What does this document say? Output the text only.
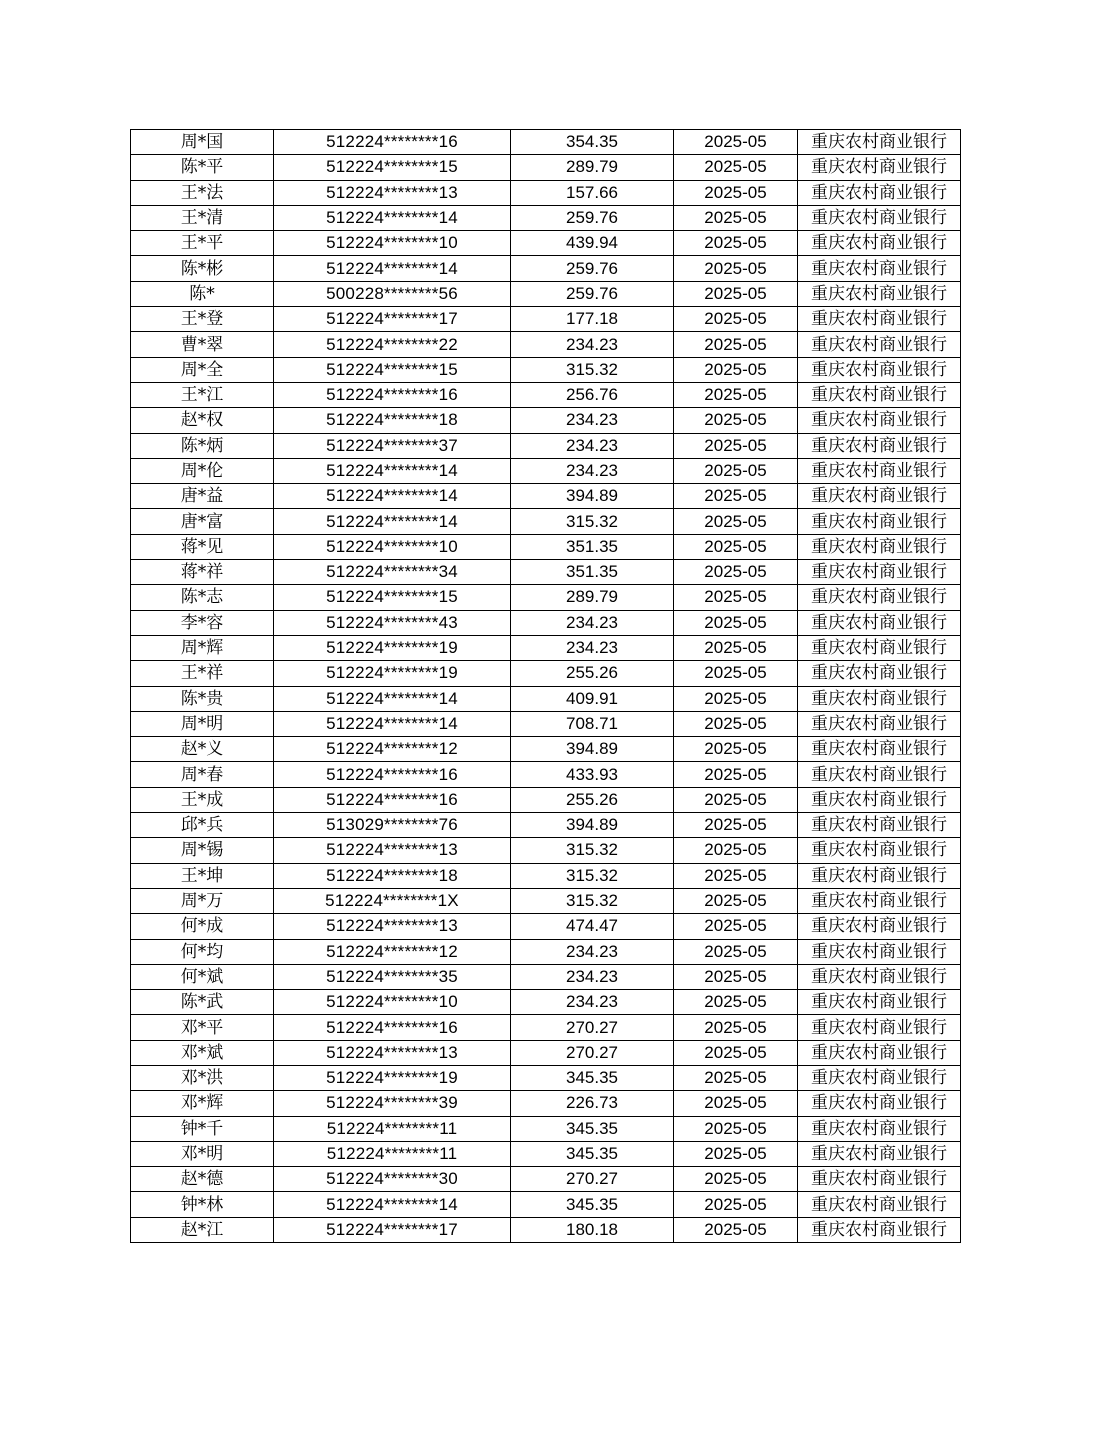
周*国	512224********16	354.35	2025-05	重庆农村商业银行
陈*平	512224********15	289.79	2025-05	重庆农村商业银行
王*法	512224********13	157.66	2025-05	重庆农村商业银行
王*清	512224********14	259.76	2025-05	重庆农村商业银行
王*平	512224********10	439.94	2025-05	重庆农村商业银行
陈*彬	512224********14	259.76	2025-05	重庆农村商业银行
陈*	500228********56	259.76	2025-05	重庆农村商业银行
王*登	512224********17	177.18	2025-05	重庆农村商业银行
曹*翠	512224********22	234.23	2025-05	重庆农村商业银行
周*全	512224********15	315.32	2025-05	重庆农村商业银行
王*江	512224********16	256.76	2025-05	重庆农村商业银行
赵*权	512224********18	234.23	2025-05	重庆农村商业银行
陈*炳	512224********37	234.23	2025-05	重庆农村商业银行
周*伦	512224********14	234.23	2025-05	重庆农村商业银行
唐*益	512224********14	394.89	2025-05	重庆农村商业银行
唐*富	512224********14	315.32	2025-05	重庆农村商业银行
蒋*见	512224********10	351.35	2025-05	重庆农村商业银行
蒋*祥	512224********34	351.35	2025-05	重庆农村商业银行
陈*志	512224********15	289.79	2025-05	重庆农村商业银行
李*容	512224********43	234.23	2025-05	重庆农村商业银行
周*辉	512224********19	234.23	2025-05	重庆农村商业银行
王*祥	512224********19	255.26	2025-05	重庆农村商业银行
陈*贵	512224********14	409.91	2025-05	重庆农村商业银行
周*明	512224********14	708.71	2025-05	重庆农村商业银行
赵*义	512224********12	394.89	2025-05	重庆农村商业银行
周*春	512224********16	433.93	2025-05	重庆农村商业银行
王*成	512224********16	255.26	2025-05	重庆农村商业银行
邱*兵	513029********76	394.89	2025-05	重庆农村商业银行
周*锡	512224********13	315.32	2025-05	重庆农村商业银行
王*坤	512224********18	315.32	2025-05	重庆农村商业银行
周*万	512224********1X	315.32	2025-05	重庆农村商业银行
何*成	512224********13	474.47	2025-05	重庆农村商业银行
何*均	512224********12	234.23	2025-05	重庆农村商业银行
何*斌	512224********35	234.23	2025-05	重庆农村商业银行
陈*武	512224********10	234.23	2025-05	重庆农村商业银行
邓*平	512224********16	270.27	2025-05	重庆农村商业银行
邓*斌	512224********13	270.27	2025-05	重庆农村商业银行
邓*洪	512224********19	345.35	2025-05	重庆农村商业银行
邓*辉	512224********39	226.73	2025-05	重庆农村商业银行
钟*千	512224********11	345.35	2025-05	重庆农村商业银行
邓*明	512224********11	345.35	2025-05	重庆农村商业银行
赵*德	512224********30	270.27	2025-05	重庆农村商业银行
钟*林	512224********14	345.35	2025-05	重庆农村商业银行
赵*江	512224********17	180.18	2025-05	重庆农村商业银行
